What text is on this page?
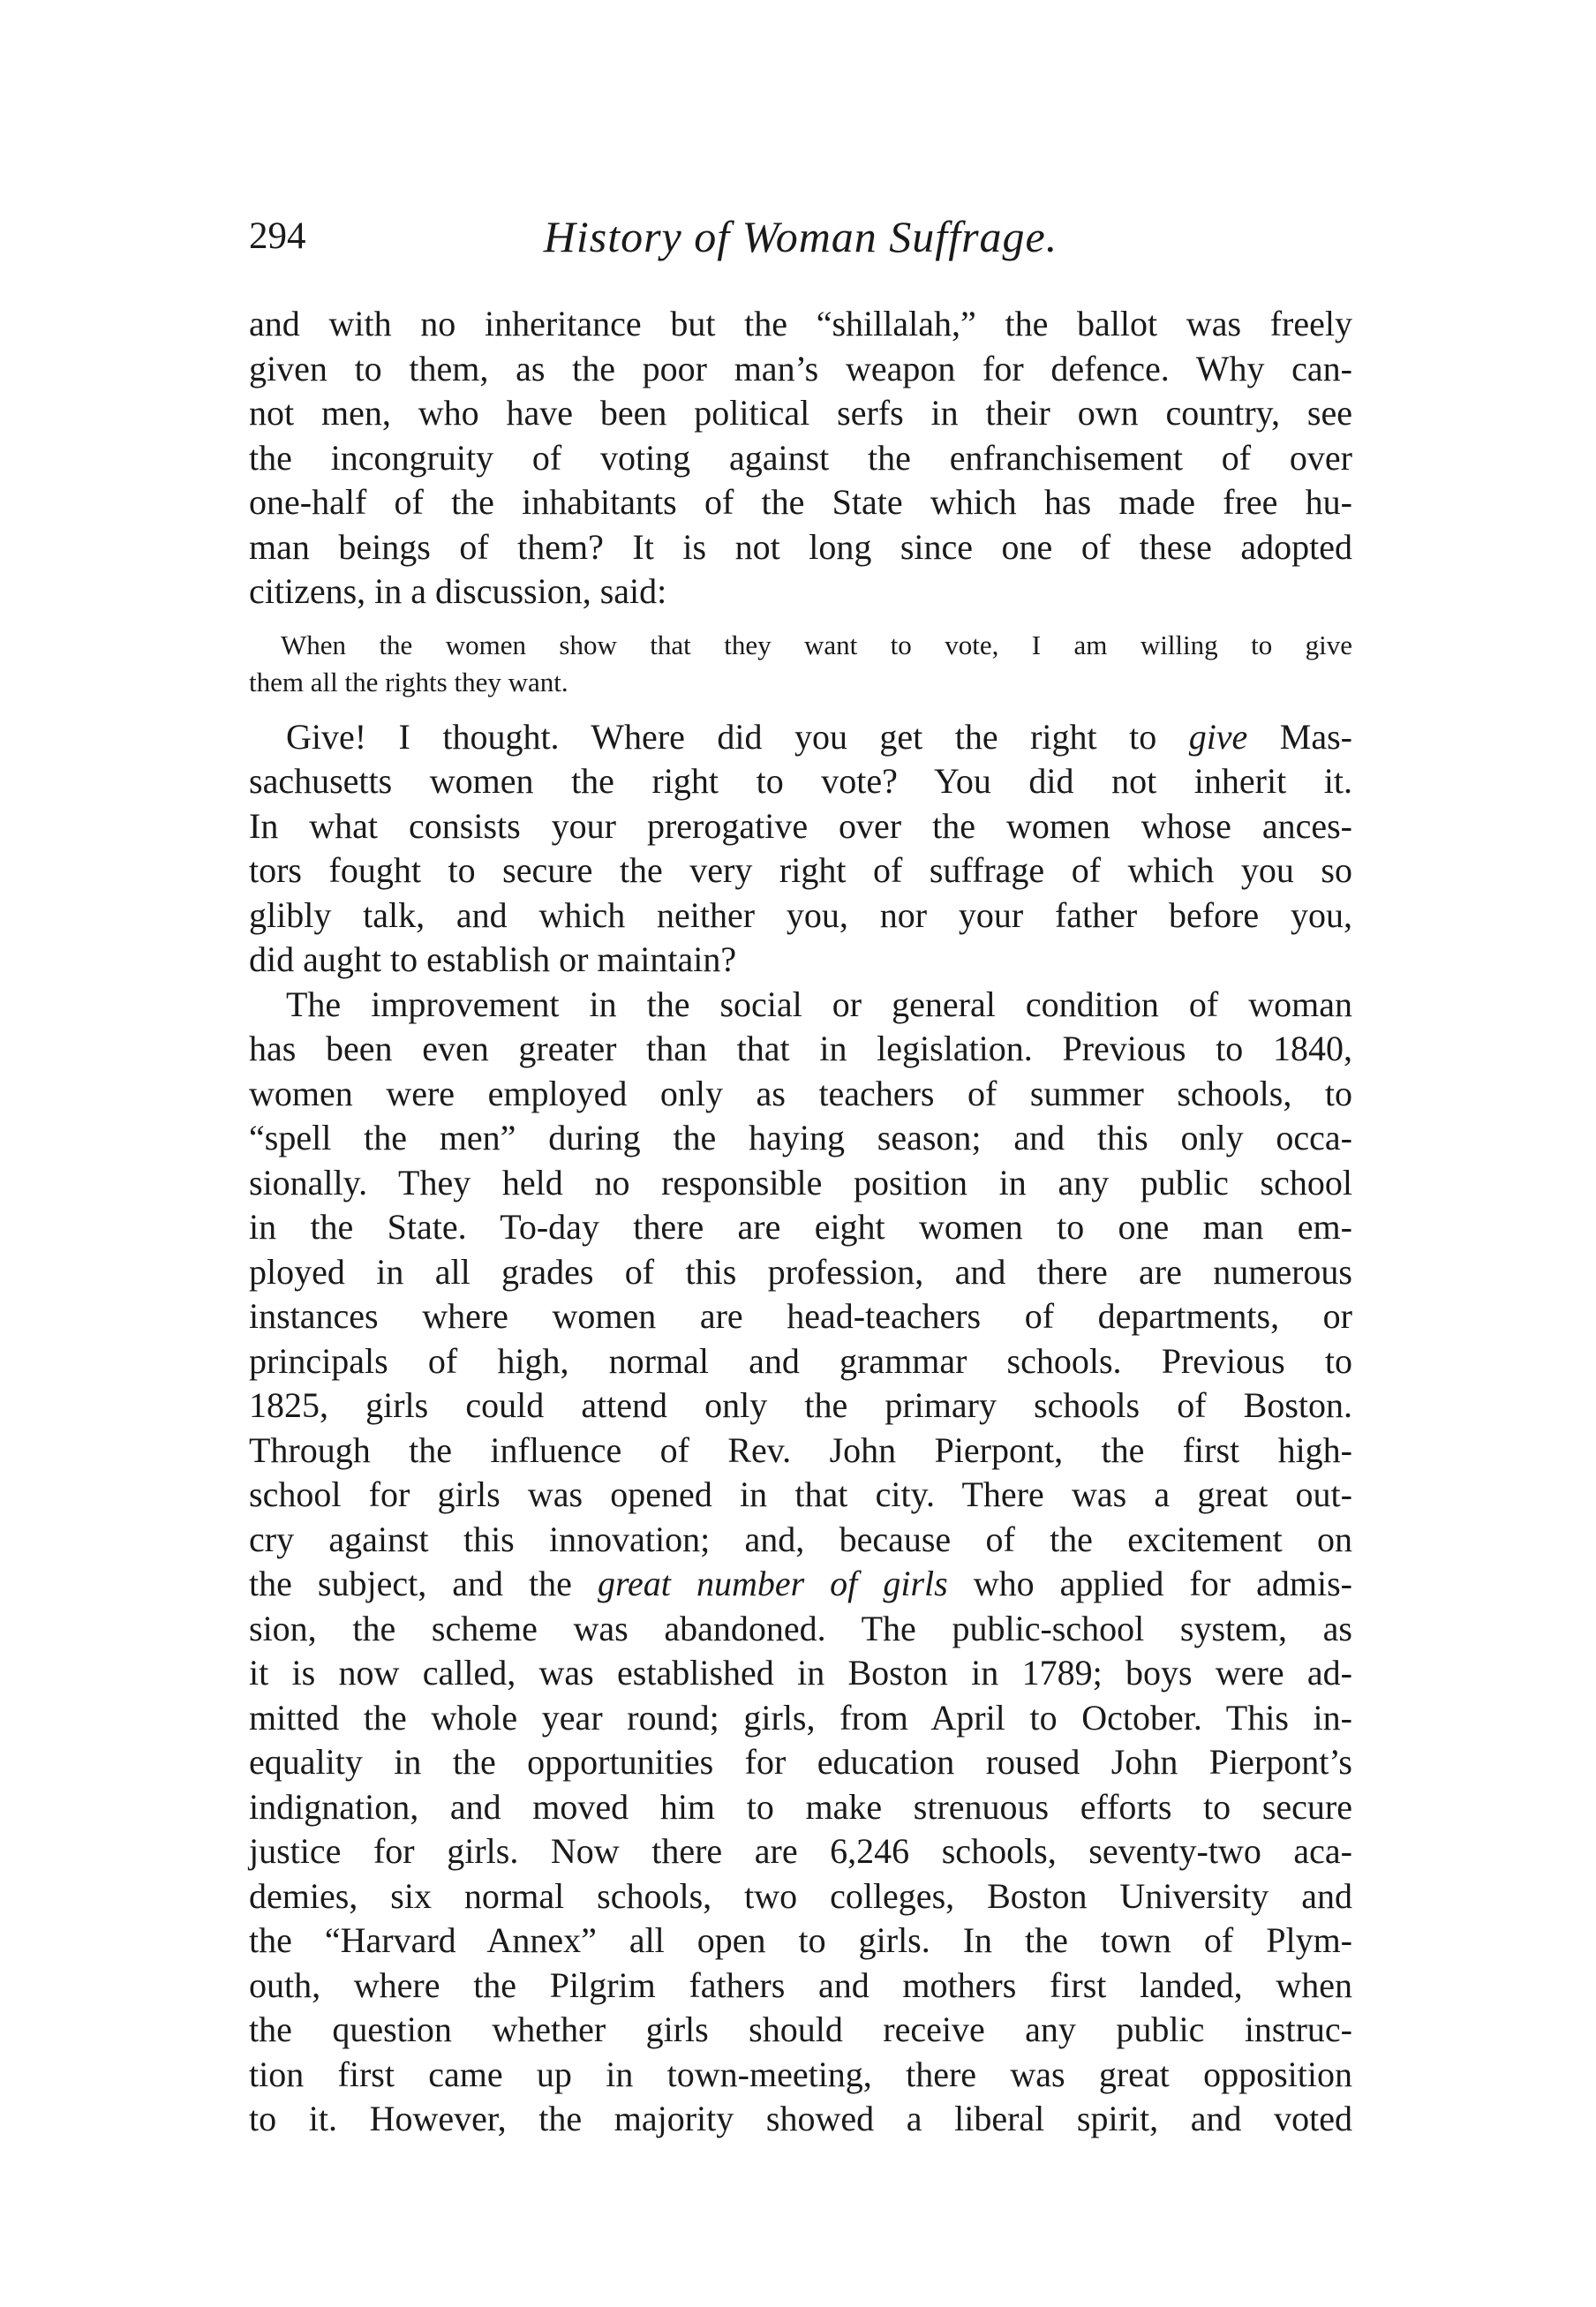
294	History of Woman Suffrage.

and with no inheritance but the “shillalah,” the ballot was freely
given to them, as the poor man’s weapon for defence. Why can-
not men, who have been political serfs in their own country, see
the incongruity of voting against the enfranchisement of over
one-half of the inhabitants of the State which has made free hu-
man beings of them? It is not long since one of these adopted
citizens, in a discussion, said:

When the women show that they want to vote, I am willing to give
them all the rights they want.

Give! I thought. Where did you get the right to give Mas-
sachusetts women the right to vote? You did not inherit it.
In what consists your prerogative over the women whose ances-
tors fought to secure the very right of suffrage of which you so
glibly talk, and which neither you, nor your father before you,
did aught to establish or maintain?

The improvement in the social or general condition of woman
has been even greater than that in legislation. Previous to 1840,
women were employed only as teachers of summer schools, to
“spell the men” during the haying season; and this only occa-
sionally. They held no responsible position in any public school
in the State. To-day there are eight women to one man em-
ployed in all grades of this profession, and there are numerous
instances where women are head-teachers of departments, or
principals of high, normal and grammar schools. Previous to
1825, girls could attend only the primary schools of Boston.
Through the influence of Rev. John Pierpont, the first high-
school for girls was opened in that city. There was a great out-
cry against this innovation; and, because of the excitement on
the subject, and the great number of girls who applied for admis-
sion, the scheme was abandoned. The public-school system, as
it is now called, was established in Boston in 1789; boys were ad-
mitted the whole year round; girls, from April to October. This in-
equality in the opportunities for education roused John Pierpont’s
indignation, and moved him to make strenuous efforts to secure
justice for girls. Now there are 6,246 schools, seventy-two aca-
demies, six normal schools, two colleges, Boston University and
the “Harvard Annex” all open to girls. In the town of Plym-
outh, where the Pilgrim fathers and mothers first landed, when
the question whether girls should receive any public instruc-
tion first came up in town-meeting, there was great opposition
to it. However, the majority showed a liberal spirit, and voted
